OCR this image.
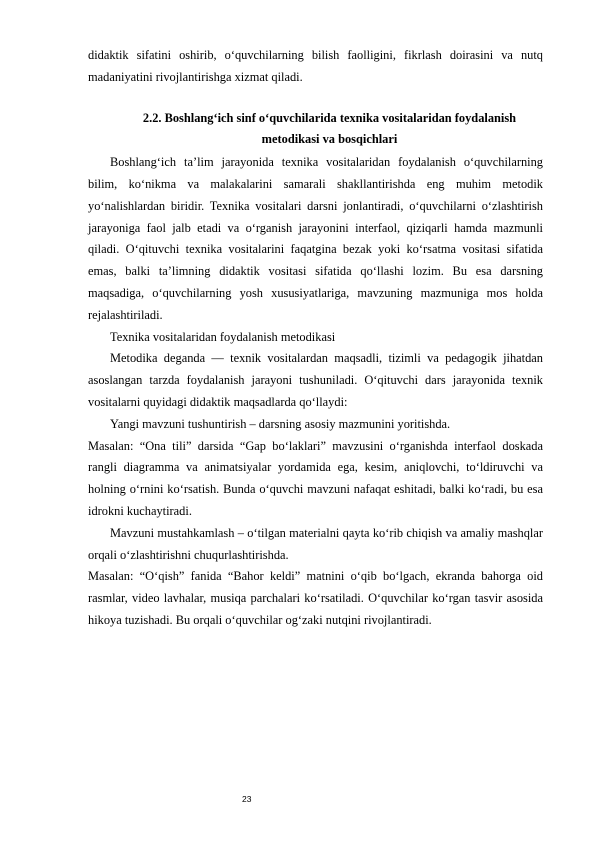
didaktik sifatini oshirib, o‘quvchilarning bilish faolligini, fikrlash doirasini va nutq madaniyatini rivojlantirishga xizmat qiladi.

2.2. Boshlang‘ich sinf o‘quvchilarida texnika vositalaridan foydalanish metodikasi va bosqichlari

Boshlang‘ich ta’lim jarayonida texnika vositalaridan foydalanish o‘quvchilarning bilim, ko‘nikma va malakalarini samarali shakllantirishda eng muhim metodik yo‘nalishlardan biridir. Texnika vositalari darsni jonlantiradi, o‘quvchilarni o‘zlashtirish jarayoniga faol jalb etadi va o‘rganish jarayonini interfaol, qiziqarli hamda mazmunli qiladi. O‘qituvchi texnika vositalarini faqatgina bezak yoki ko‘rsatma vositasi sifatida emas, balki ta’limning didaktik vositasi sifatida qo‘llashi lozim. Bu esa darsning maqsadiga, o‘quvchilarning yosh xususiyatlariga, mavzuning mazmuniga mos holda rejalashtiriladi.

Texnika vositalaridan foydalanish metodikasi

Metodika deganda — texnik vositalardan maqsadli, tizimli va pedagogik jihatdan asoslangan tarzda foydalanish jarayoni tushuniladi. O‘qituvchi dars jarayonida texnik vositalarni quyidagi didaktik maqsadlarda qo‘llaydi:

Yangi mavzuni tushuntirish – darsning asosiy mazmunini yoritishda.

Masalan: “Ona tili” darsida “Gap bo‘laklari” mavzusini o‘rganishda interfaol doskada rangli diagramma va animatsiyalar yordamida ega, kesim, aniqlovchi, to‘ldiruvchi va holning o‘rnini ko‘rsatish. Bunda o‘quvchi mavzuni nafaqat eshitadi, balki ko‘radi, bu esa idrokni kuchaytiradi.

Mavzuni mustahkamlash – o‘tilgan materialni qayta ko‘rib chiqish va amaliy mashqlar orqali o‘zlashtirishni chuqurlashtirishda.

Masalan: “O‘qish” fanida “Bahor keldi” matnini o‘qib bo‘lgach, ekranda bahorga oid rasmlar, video lavhalar, musiqa parchalari ko‘rsatiladi. O‘quvchilar ko‘rgan tasvir asosida hikoya tuzishadi. Bu orqali o‘quvchilar og‘zaki nutqini rivojlantiradi.

23
